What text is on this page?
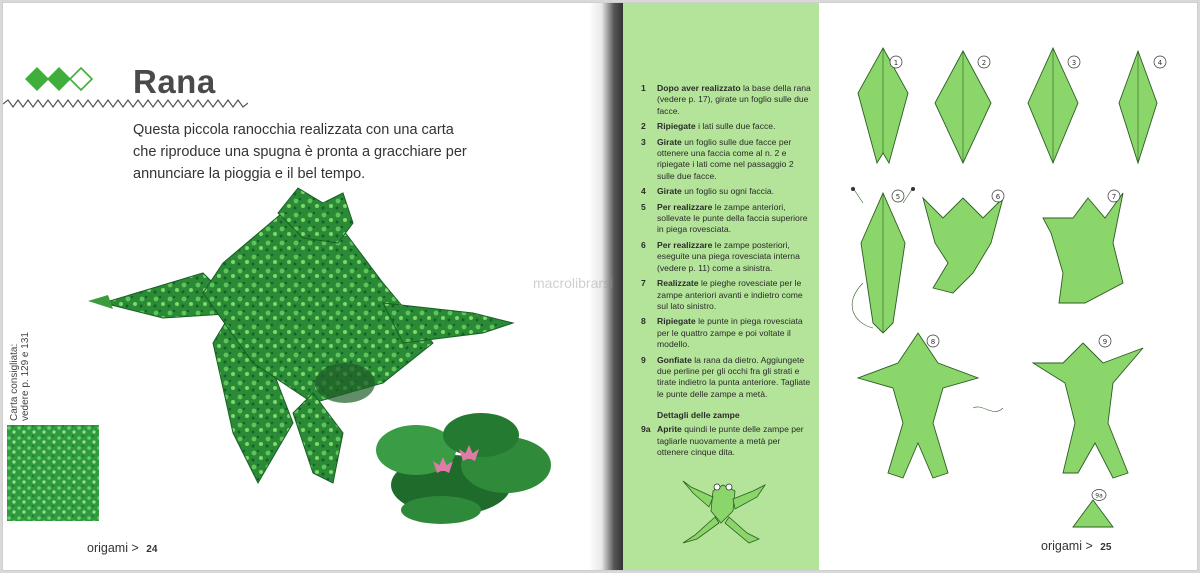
Rana

Questa piccola ranocchia realizzata con una carta che riproduce una spugna è pronta a gracchiare per annunciare la pioggia e il bel tempo.

Carta consigliata: vedere p. 129 e 131
origami > 24
1 Dopo aver realizzato la base della rana (vedere p. 17), girate un foglio sulle due facce.
2 Ripiegate i lati sulle due facce.
3 Girate un foglio sulle due facce per ottenere una faccia come al n. 2 e ripiegate i lati come nel passaggio 2 sulle due facce.
4 Girate un foglio su ogni faccia.
5 Per realizzare le zampe anteriori, sollevate le punte della faccia superiore in piega rovesciata.
6 Per realizzare le zampe posteriori, eseguite una piega rovesciata interna (vedere p. 11) come a sinistra.
7 Realizzate le pieghe rovesciate per le zampe anteriori avanti e indietro come sul lato sinistro.
8 Ripiegate le punte in piega rovesciata per le quattro zampe e poi voltate il modello.
9 Gonfiate la rana da dietro. Aggiungete due perline per gli occhi fra gli strati e tirate indietro la punta anteriore. Tagliate le punte delle zampe a metà.
Dettagli delle zampe
9a Aprite quindi le punte delle zampe per tagliarle nuovamente a metà per ottenere cinque dita.
1	2	3	4
5	6	7
8	9
9a
origami > 25
macrolibrarsi
